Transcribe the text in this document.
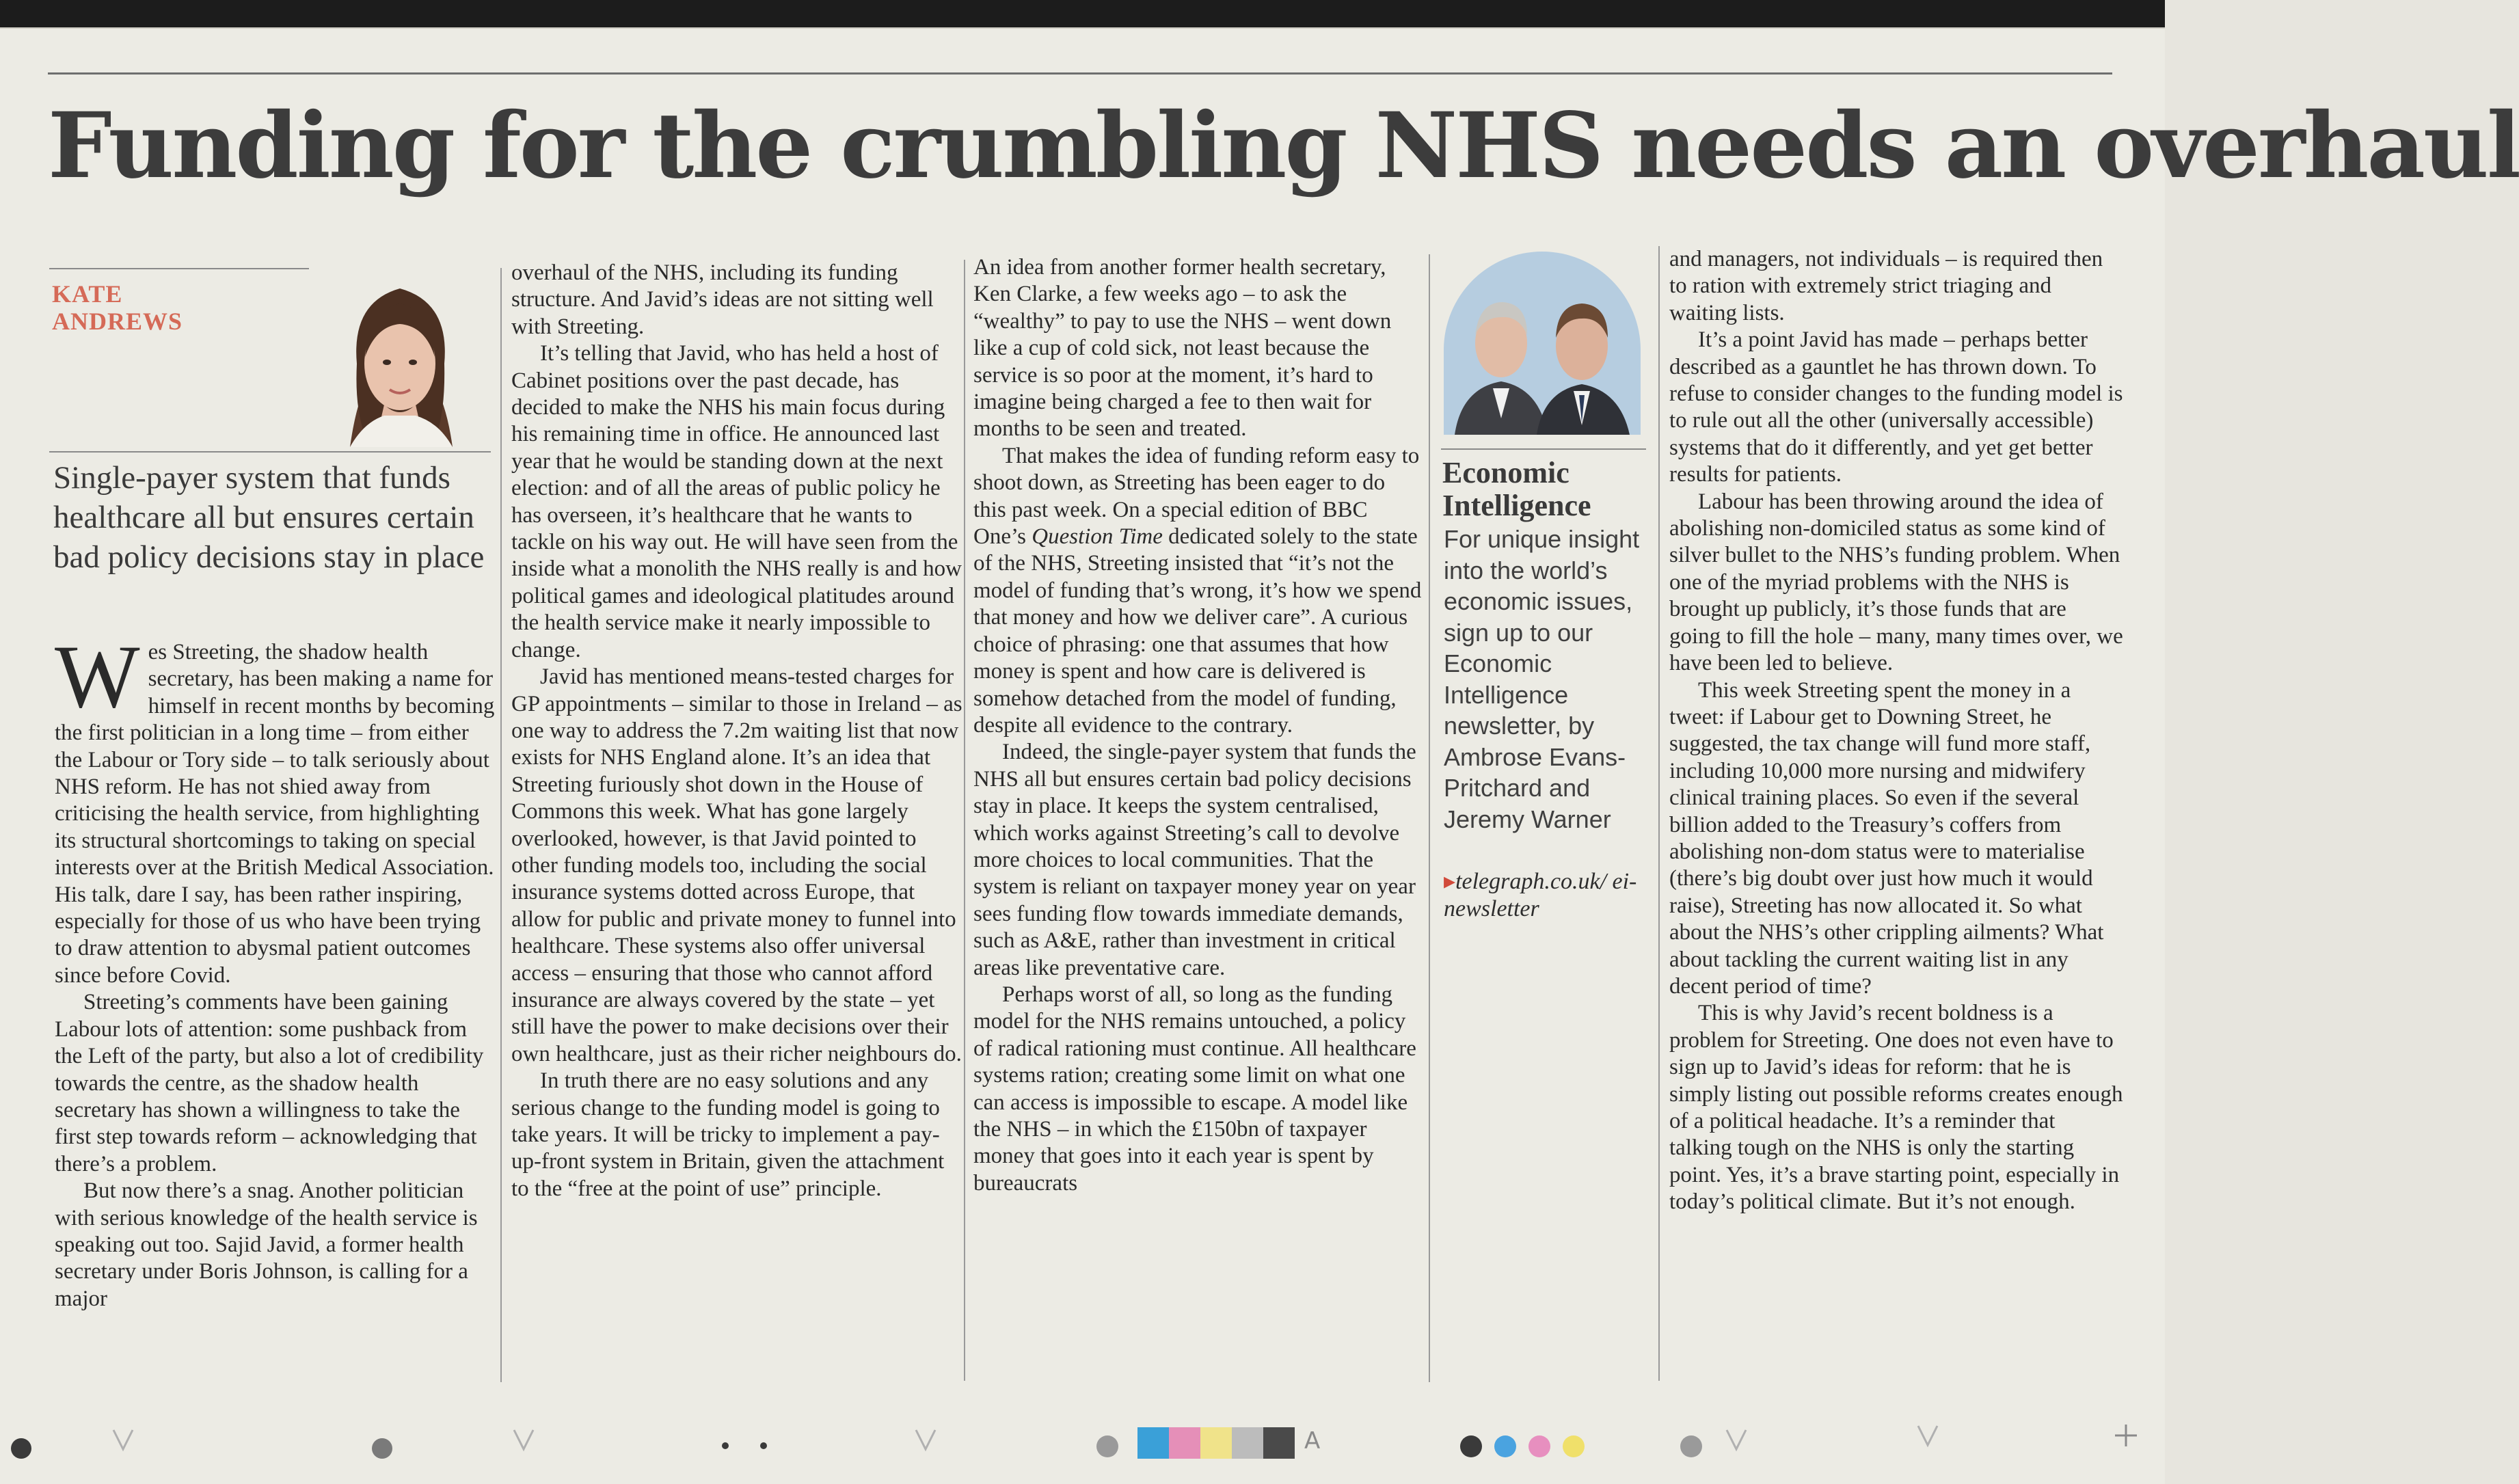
Funding for the crumbling NHS needs an overhaul
KATE
ANDREWS
Single-payer system that funds healthcare all but ensures certain bad policy decisions stay in place
W es Streeting, the shadow health secretary, has been making a name for himself in recent months by becoming the first politician in a long time – from either the Labour or Tory side – to talk seriously about NHS reform. He has not shied away from criticising the health service, from highlighting its structural shortcomings to taking on special interests over at the British Medical Association. His talk, dare I say, has been rather inspiring, especially for those of us who have been trying to draw attention to abysmal patient outcomes since before Covid.

Streeting’s comments have been gaining Labour lots of attention: some pushback from the Left of the party, but also a lot of credibility towards the centre, as the shadow health secretary has shown a willingness to take the first step towards reform – acknowledging that there’s a problem.

But now there’s a snag. Another politician with serious knowledge of the health service is speaking out too. Sajid Javid, a former health secretary under Boris Johnson, is calling for a major

overhaul of the NHS, including its funding structure. And Javid’s ideas are not sitting well with Streeting.

It’s telling that Javid, who has held a host of Cabinet positions over the past decade, has decided to make the NHS his main focus during his remaining time in office. He announced last year that he would be standing down at the next election: and of all the areas of public policy he has overseen, it’s healthcare that he wants to tackle on his way out. He will have seen from the inside what a monolith the NHS really is and how political games and ideological platitudes around the health service make it nearly impossible to change.

Javid has mentioned means-tested charges for GP appointments – similar to those in Ireland – as one way to address the 7.2m waiting list that now exists for NHS England alone. It’s an idea that Streeting furiously shot down in the House of Commons this week. What has gone largely overlooked, however, is that Javid pointed to other funding models too, including the social insurance systems dotted across Europe, that allow for public and private money to funnel into healthcare. These systems also offer universal access – ensuring that those who cannot afford insurance are always covered by the state – yet still have the power to make decisions over their own healthcare, just as their richer neighbours do.

In truth there are no easy solutions and any serious change to the funding model is going to take years. It will be tricky to implement a pay-up-front system in Britain, given the attachment to the “free at the point of use” principle.

An idea from another former health secretary, Ken Clarke, a few weeks ago – to ask the “wealthy” to pay to use the NHS – went down like a cup of cold sick, not least because the service is so poor at the moment, it’s hard to imagine being charged a fee to then wait for months to be seen and treated.

That makes the idea of funding reform easy to shoot down, as Streeting has been eager to do this past week. On a special edition of BBC One’s Question Time dedicated solely to the state of the NHS, Streeting insisted that “it’s not the model of funding that’s wrong, it’s how we spend that money and how we deliver care”. A curious choice of phrasing: one that assumes that how money is spent and how care is delivered is somehow detached from the model of funding, despite all evidence to the contrary.

Indeed, the single-payer system that funds the NHS all but ensures certain bad policy decisions stay in place. It keeps the system centralised, which works against Streeting’s call to devolve more choices to local communities. That the system is reliant on taxpayer money year on year sees funding flow towards immediate demands, such as A&E, rather than investment in critical areas like preventative care.

Perhaps worst of all, so long as the funding model for the NHS remains untouched, a policy of radical rationing must continue. All healthcare systems ration; creating some limit on what one can access is impossible to escape. A model like the NHS – in which the £150bn of taxpayer money that goes into it each year is spent by bureaucrats

Economic Intelligence
For unique insight into the world’s economic issues, sign up to our Economic Intelligence newsletter, by Ambrose Evans-Pritchard and Jeremy Warner
▸telegraph.co.uk/ ei-newsletter

and managers, not individuals – is required then to ration with extremely strict triaging and waiting lists.

It’s a point Javid has made – perhaps better described as a gauntlet he has thrown down. To refuse to consider changes to the funding model is to rule out all the other (universally accessible) systems that do it differently, and yet get better results for patients.

Labour has been throwing around the idea of abolishing non-domiciled status as some kind of silver bullet to the NHS’s funding problem. When one of the myriad problems with the NHS is brought up publicly, it’s those funds that are going to fill the hole – many, many times over, we have been led to believe.

This week Streeting spent the money in a tweet: if Labour get to Downing Street, he suggested, the tax change will fund more staff, including 10,000 more nursing and midwifery clinical training places. So even if the several billion added to the Treasury’s coffers from abolishing non-dom status were to materialise (there’s big doubt over just how much it would raise), Streeting has now allocated it. So what about the NHS’s other crippling ailments? What about tackling the current waiting list in any decent period of time?

This is why Javid’s recent boldness is a problem for Streeting. One does not even have to sign up to Javid’s ideas for reform: that he is simply listing out possible reforms creates enough of a political headache. It’s a reminder that talking tough on the NHS is only the starting point. Yes, it’s a brave starting point, especially in today’s political climate. But it’s not enough.

A
